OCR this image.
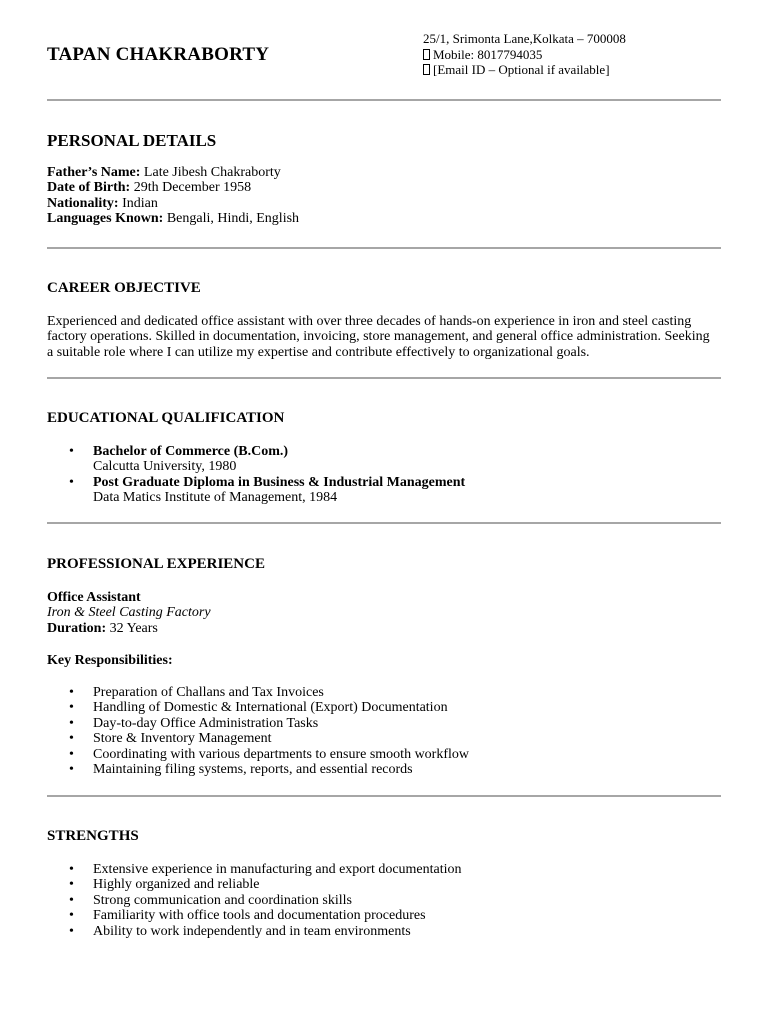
TAPAN CHAKRABORTY
25/1, Srimonta Lane,Kolkata – 700008
Mobile: 8017794035
[Email ID – Optional if available]
PERSONAL DETAILS
Father’s Name: Late Jibesh Chakraborty
Date of Birth: 29th December 1958
Nationality: Indian
Languages Known: Bengali, Hindi, English
CAREER OBJECTIVE

Experienced and dedicated office assistant with over three decades of hands-on experience in iron and steel casting

factory operations. Skilled in documentation, invoicing, store management, and general office administration. Seeking

a suitable role where I can utilize my expertise and contribute effectively to organizational goals.

EDUCATIONAL QUALIFICATION
• Bachelor of Commerce (B.Com.)
Calcutta University, 1980
• Post Graduate Diploma in Business & Industrial Management
Data Matics Institute of Management, 1984
PROFESSIONAL EXPERIENCE
Office Assistant
Iron & Steel Casting Factory
Duration: 32 Years
Key Responsibilities:
• Preparation of Challans and Tax Invoices
• Handling of Domestic & International (Export) Documentation
• Day-to-day Office Administration Tasks
• Store & Inventory Management
• Coordinating with various departments to ensure smooth workflow
• Maintaining filing systems, reports, and essential records
STRENGTHS
• Extensive experience in manufacturing and export documentation
• Highly organized and reliable
• Strong communication and coordination skills
• Familiarity with office tools and documentation procedures
• Ability to work independently and in team environments
